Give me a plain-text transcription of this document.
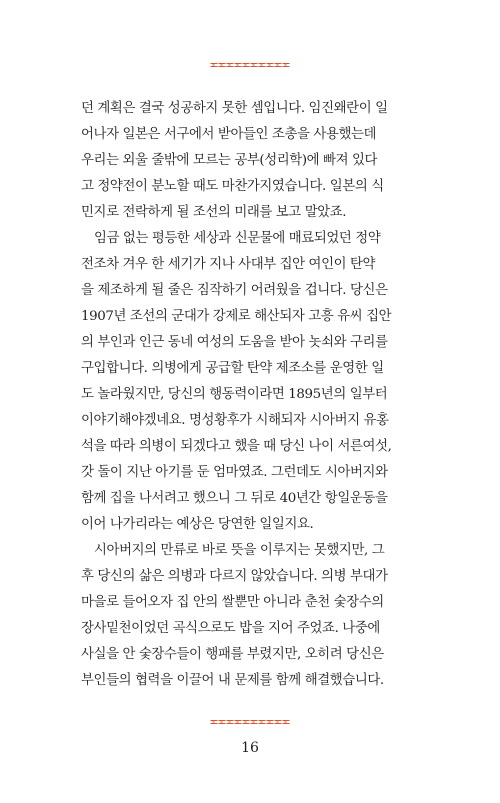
던 계획은 결국 성공하지 못한 셈입니다. 임진왜란이 일
어나자 일본은 서구에서 받아들인 조총을 사용했는데
우리는 외울 줄밖에 모르는 공부(성리학)에 빠져 있다
고 정약전이 분노할 때도 마찬가지였습니다. 일본의 식
민지로 전락하게 될 조선의 미래를 보고 말았죠.
임금 없는 평등한 세상과 신문물에 매료되었던 정약
전조차 겨우 한 세기가 지나 사대부 집안 여인이 탄약
을 제조하게 될 줄은 짐작하기 어려웠을 겁니다. 당신은
1907년 조선의 군대가 강제로 해산되자 고흥 유씨 집안
의 부인과 인근 동네 여성의 도움을 받아 놋쇠와 구리를
구입합니다. 의병에게 공급할 탄약 제조소를 운영한 일
도 놀라웠지만, 당신의 행동력이라면 1895년의 일부터
이야기해야겠네요. 명성황후가 시해되자 시아버지 유홍
석을 따라 의병이 되겠다고 했을 때 당신 나이 서른여섯,
갓 돌이 지난 아기를 둔 엄마였죠. 그런데도 시아버지와
함께 집을 나서려고 했으니 그 뒤로 40년간 항일운동을
이어 나가리라는 예상은 당연한 일일지요.
시아버지의 만류로 바로 뜻을 이루지는 못했지만, 그
후 당신의 삶은 의병과 다르지 않았습니다. 의병 부대가
마을로 들어오자 집 안의 쌀뿐만 아니라 춘천 숯장수의
장사밑천이었던 곡식으로도 밥을 지어 주었죠. 나중에
사실을 안 숯장수들이 행패를 부렸지만, 오히려 당신은
부인들의 협력을 이끌어 내 문제를 함께 해결했습니다.
16
